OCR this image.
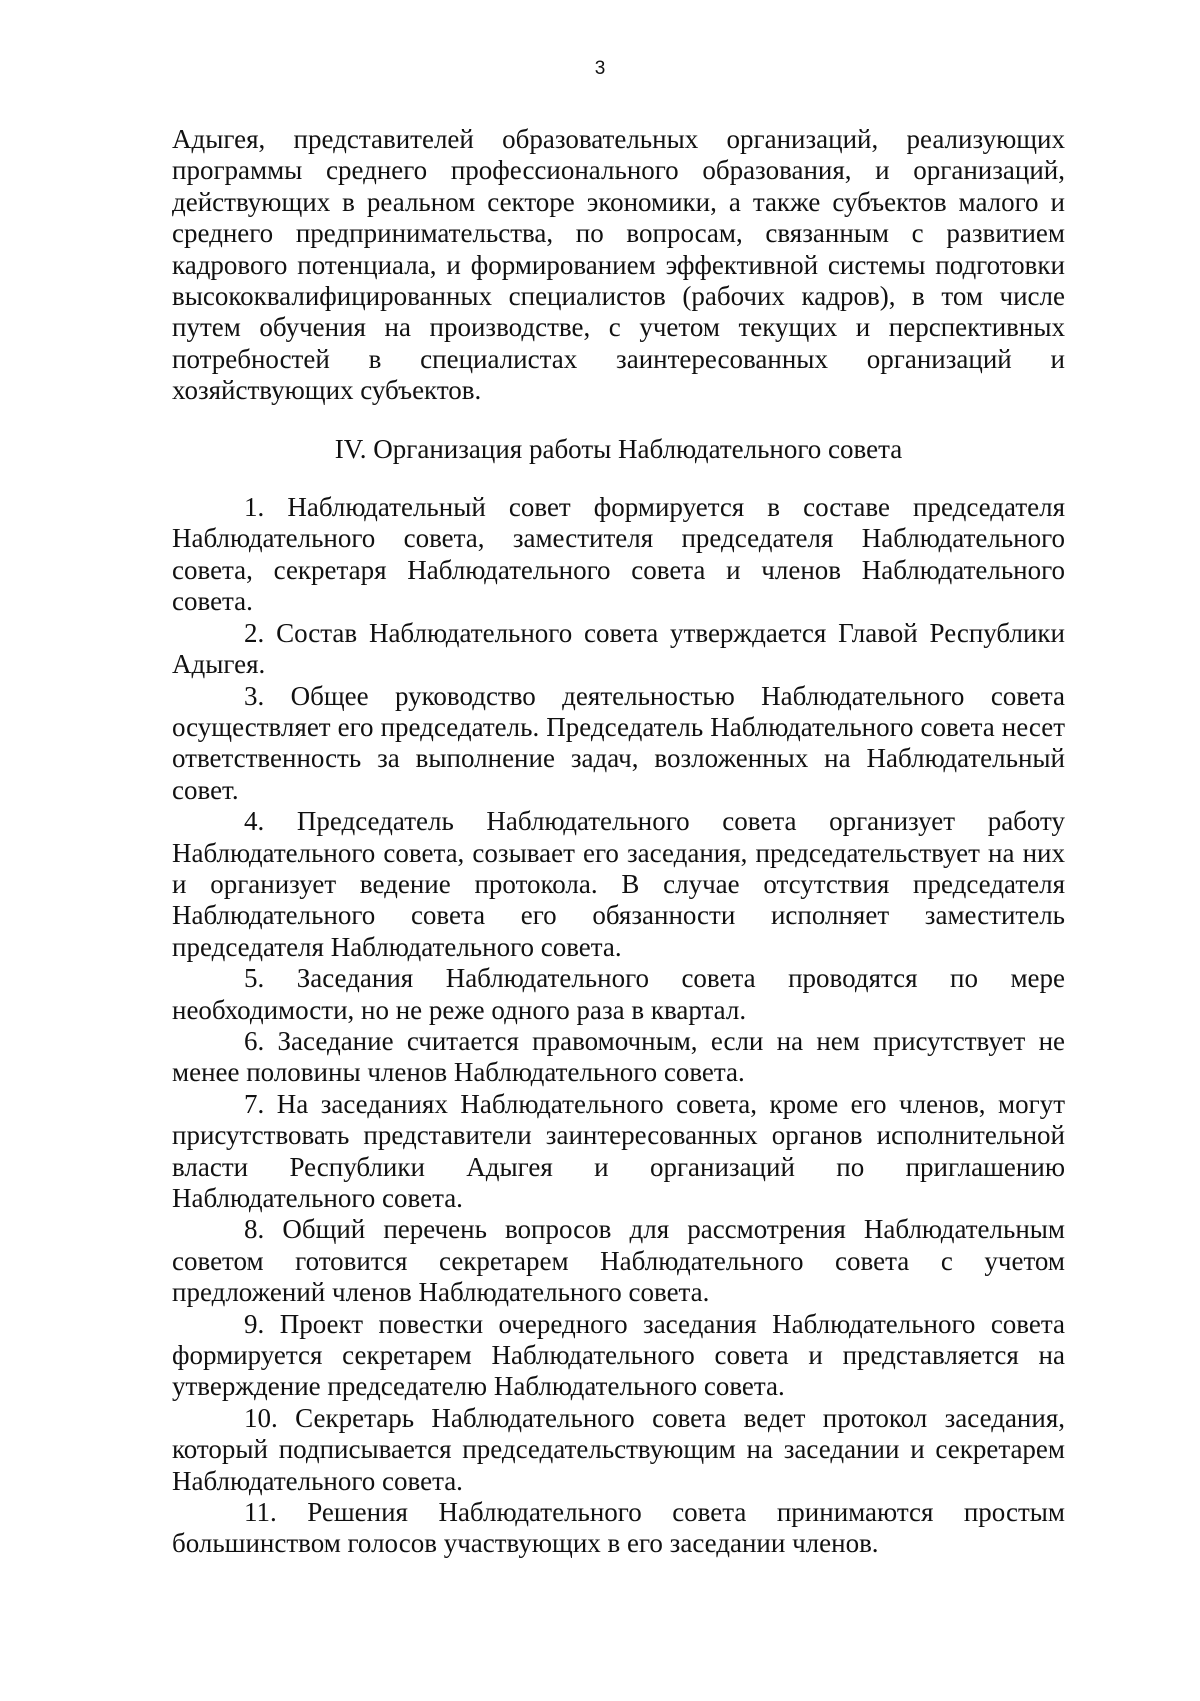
3

Адыгея, представителей образовательных организаций, реализующих программы среднего профессионального образования, и организаций, действующих в реальном секторе экономики, а также субъектов малого и среднего предпринимательства, по вопросам, связанным с развитием кадрового потенциала, и формированием эффективной системы подготовки высококвалифицированных специалистов (рабочих кадров), в том числе путем обучения на производстве, с учетом текущих и перспективных потребностей в специалистах заинтересованных организаций и хозяйствующих субъектов.

IV. Организация работы Наблюдательного совета

1. Наблюдательный совет формируется в составе председателя Наблюдательного совета, заместителя председателя Наблюдательного совета, секретаря Наблюдательного совета и членов Наблюдательного совета.

2. Состав Наблюдательного совета утверждается Главой Республики Адыгея.

3. Общее руководство деятельностью Наблюдательного совета осуществляет его председатель. Председатель Наблюдательного совета несет ответственность за выполнение задач, возложенных на Наблюдательный совет.

4. Председатель Наблюдательного совета организует работу Наблюдательного совета, созывает его заседания, председательствует на них и организует ведение протокола. В случае отсутствия председателя Наблюдательного совета его обязанности исполняет заместитель председателя Наблюдательного совета.

5. Заседания Наблюдательного совета проводятся по мере необходимости, но не реже одного раза в квартал.

6. Заседание считается правомочным, если на нем присутствует не менее половины членов Наблюдательного совета.

7. На заседаниях Наблюдательного совета, кроме его членов, могут присутствовать представители заинтересованных органов исполнительной власти Республики Адыгея и организаций по приглашению Наблюдательного совета.

8. Общий перечень вопросов для рассмотрения Наблюдательным советом готовится секретарем Наблюдательного совета с учетом предложений членов Наблюдательного совета.

9. Проект повестки очередного заседания Наблюдательного совета формируется секретарем Наблюдательного совета и представляется на утверждение председателю Наблюдательного совета.

10. Секретарь Наблюдательного совета ведет протокол заседания, который подписывается председательствующим на заседании и секретарем Наблюдательного совета.

11. Решения Наблюдательного совета принимаются простым большинством голосов участвующих в его заседании членов.
